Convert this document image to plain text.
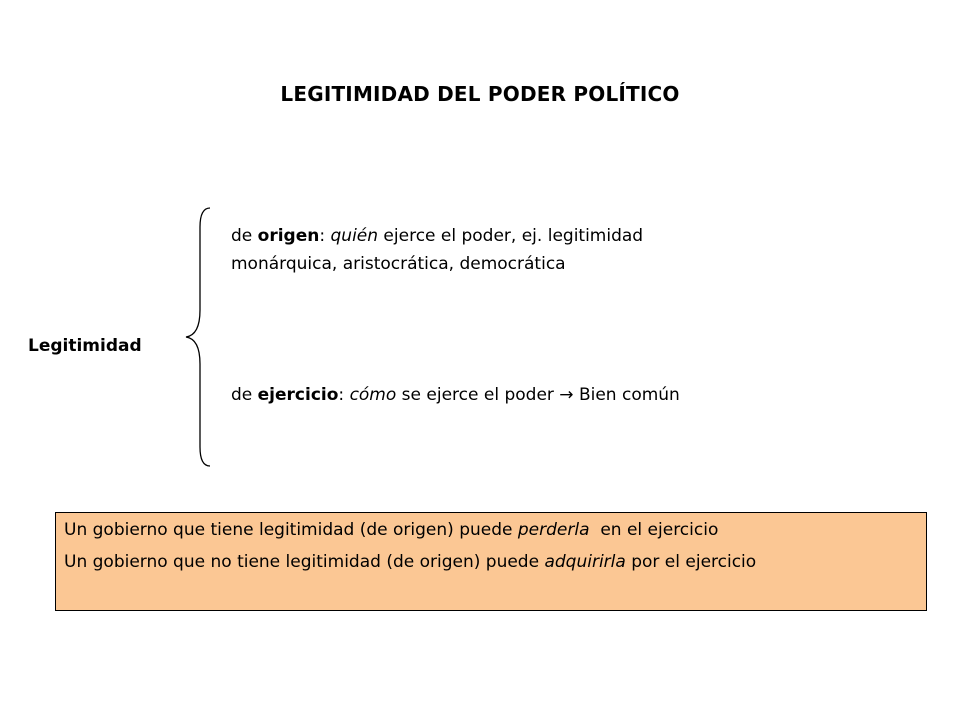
LEGITIMIDAD DEL PODER POLÍTICO
Legitimidad
de origen: quién ejerce el poder, ej. legitimidad
monárquica, aristocrática, democrática
de ejercicio: cómo se ejerce el poder → Bien común

Un gobierno que tiene legitimidad (de origen) puede perderla  en el ejercicio

Un gobierno que no tiene legitimidad (de origen) puede adquirirla por el ejercicio
